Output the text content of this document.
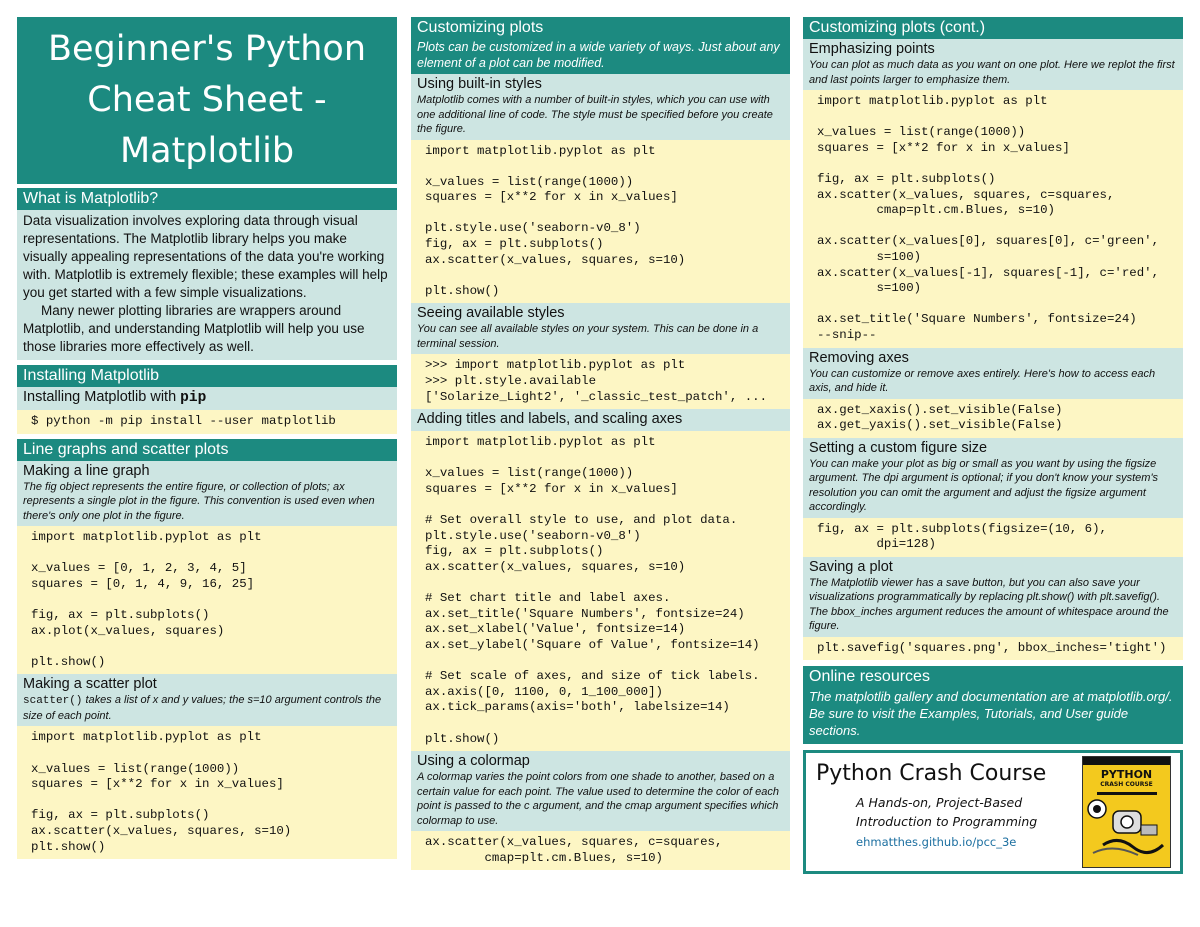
Beginner's Python Cheat Sheet - Matplotlib
What is Matplotlib?
Data visualization involves exploring data through visual representations. The Matplotlib library helps you make visually appealing representations of the data you're working with. Matplotlib is extremely flexible; these examples will help you get started with a few simple visualizations.
Many newer plotting libraries are wrappers around Matplotlib, and understanding Matplotlib will help you use those libraries more effectively as well.
Installing Matplotlib
Installing Matplotlib with pip
$ python -m pip install --user matplotlib
Line graphs and scatter plots
Making a line graph
The fig object represents the entire figure, or collection of plots; ax represents a single plot in the figure. This convention is used even when there's only one plot in the figure.
import matplotlib.pyplot as plt

x_values = [0, 1, 2, 3, 4, 5]
squares = [0, 1, 4, 9, 16, 25]

fig, ax = plt.subplots()
ax.plot(x_values, squares)

plt.show()
Making a scatter plot
scatter() takes a list of x and y values; the s=10 argument controls the size of each point.
import matplotlib.pyplot as plt

x_values = list(range(1000))
squares = [x**2 for x in x_values]

fig, ax = plt.subplots()
ax.scatter(x_values, squares, s=10)
plt.show()
Customizing plots
Plots can be customized in a wide variety of ways. Just about any element of a plot can be modified.
Using built-in styles
Matplotlib comes with a number of built-in styles, which you can use with one additional line of code. The style must be specified before you create the figure.
import matplotlib.pyplot as plt

x_values = list(range(1000))
squares = [x**2 for x in x_values]

plt.style.use('seaborn-v0_8')
fig, ax = plt.subplots()
ax.scatter(x_values, squares, s=10)

plt.show()
Seeing available styles
You can see all available styles on your system. This can be done in a terminal session.
>>> import matplotlib.pyplot as plt
>>> plt.style.available
['Solarize_Light2', '_classic_test_patch', ...
Adding titles and labels, and scaling axes
import matplotlib.pyplot as plt

x_values = list(range(1000))
squares = [x**2 for x in x_values]

# Set overall style to use, and plot data.
plt.style.use('seaborn-v0_8')
fig, ax = plt.subplots()
ax.scatter(x_values, squares, s=10)

# Set chart title and label axes.
ax.set_title('Square Numbers', fontsize=24)
ax.set_xlabel('Value', fontsize=14)
ax.set_ylabel('Square of Value', fontsize=14)

# Set scale of axes, and size of tick labels.
ax.axis([0, 1100, 0, 1_100_000])
ax.tick_params(axis='both', labelsize=14)

plt.show()
Using a colormap
A colormap varies the point colors from one shade to another, based on a certain value for each point. The value used to determine the color of each point is passed to the c argument, and the cmap argument specifies which colormap to use.
ax.scatter(x_values, squares, c=squares,
cmap=plt.cm.Blues, s=10)
Customizing plots (cont.)
Emphasizing points
You can plot as much data as you want on one plot. Here we replot the first and last points larger to emphasize them.
import matplotlib.pyplot as plt

x_values = list(range(1000))
squares = [x**2 for x in x_values]

fig, ax = plt.subplots()
ax.scatter(x_values, squares, c=squares,
cmap=plt.cm.Blues, s=10)

ax.scatter(x_values[0], squares[0], c='green',
s=100)
ax.scatter(x_values[-1], squares[-1], c='red',
s=100)

ax.set_title('Square Numbers', fontsize=24)
--snip--
Removing axes
You can customize or remove axes entirely. Here's how to access each axis, and hide it.
ax.get_xaxis().set_visible(False)
ax.get_yaxis().set_visible(False)
Setting a custom figure size
You can make your plot as big or small as you want by using the figsize argument. The dpi argument is optional; if you don't know your system's resolution you can omit the argument and adjust the figsize argument accordingly.
fig, ax = plt.subplots(figsize=(10, 6),
dpi=128)
Saving a plot
The Matplotlib viewer has a save button, but you can also save your visualizations programmatically by replacing plt.show() with plt.savefig(). The bbox_inches argument reduces the amount of whitespace around the figure.
plt.savefig('squares.png', bbox_inches='tight')
Online resources
The matplotlib gallery and documentation are at matplotlib.org/. Be sure to visit the Examples, Tutorials, and User guide sections.
Python Crash Course
A Hands-on, Project-Based Introduction to Programming
ehmatthes.github.io/pcc_3e

PYTHON
CRASH COURSE
